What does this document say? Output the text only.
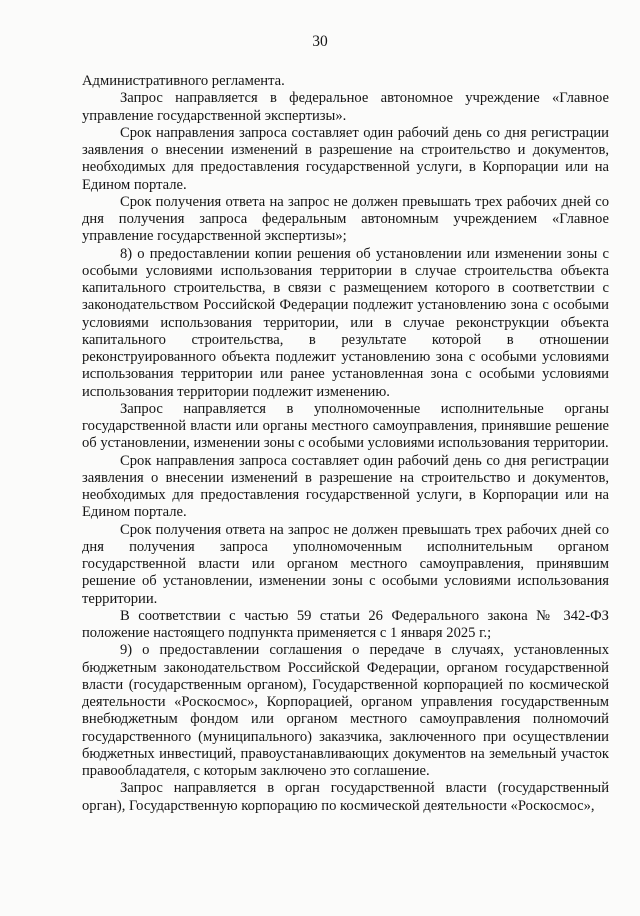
30

Административного регламента.

Запрос направляется в федеральное автономное учреждение «Главное управление государственной экспертизы».

Срок направления запроса составляет один рабочий день со дня регистрации заявления о внесении изменений в разрешение на строительство и документов, необходимых для предоставления государственной услуги, в Корпорации или на Едином портале.

Срок получения ответа на запрос не должен превышать трех рабочих дней со дня получения запроса федеральным автономным учреждением «Главное управление государственной экспертизы»;

8) о предоставлении копии решения об установлении или изменении зоны с особыми условиями использования территории в случае строительства объекта капитального строительства, в связи с размещением которого в соответствии с законодательством Российской Федерации подлежит установлению зона с особыми условиями использования территории, или в случае реконструкции объекта капитального строительства, в результате которой в отношении реконструированного объекта подлежит установлению зона с особыми условиями использования территории или ранее установленная зона с особыми условиями использования территории подлежит изменению.

Запрос направляется в уполномоченные исполнительные органы государственной власти или органы местного самоуправления, принявшие решение об установлении, изменении зоны с особыми условиями использования территории.

Срок направления запроса составляет один рабочий день со дня регистрации заявления о внесении изменений в разрешение на строительство и документов, необходимых для предоставления государственной услуги, в Корпорации или на Едином портале.

Срок получения ответа на запрос не должен превышать трех рабочих дней со дня получения запроса уполномоченным исполнительным органом государственной власти или органом местного самоуправления, принявшим решение об установлении, изменении зоны с особыми условиями использования территории.

В соответствии с частью 59 статьи 26 Федерального закона № 342-ФЗ положение настоящего подпункта применяется с 1 января 2025 г.;

9) о предоставлении соглашения о передаче в случаях, установленных бюджетным законодательством Российской Федерации, органом государственной власти (государственным органом), Государственной корпорацией по космической деятельности «Роскосмос», Корпорацией, органом управления государственным внебюджетным фондом или органом местного самоуправления полномочий государственного (муниципального) заказчика, заключенного при осуществлении бюджетных инвестиций, правоустанавливающих документов на земельный участок правообладателя, с которым заключено это соглашение.

Запрос направляется в орган государственной власти (государственный орган), Государственную корпорацию по космической деятельности «Роскосмос»,
